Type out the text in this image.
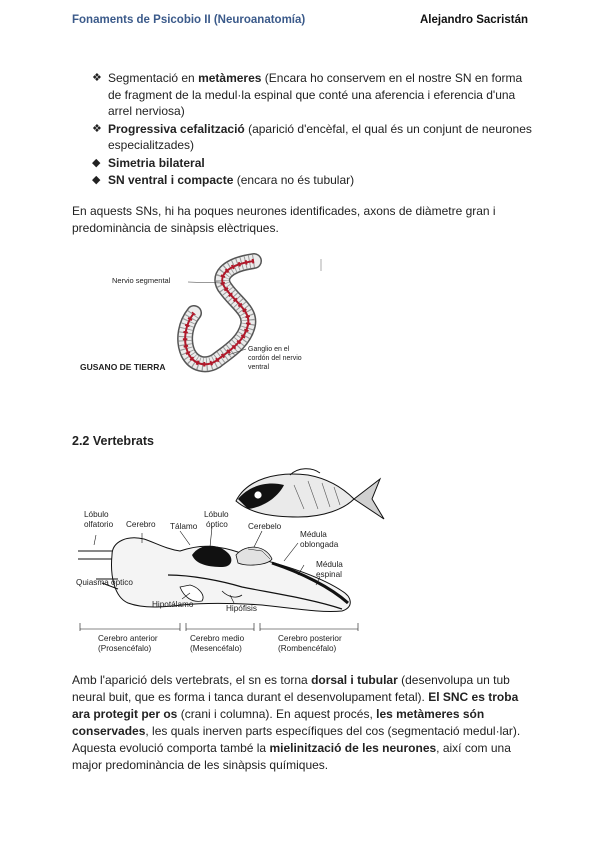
Fonaments de Psicobio II (Neuroanatomía)	Alejandro Sacristán
❖ Segmentació en metàmeres (Encara ho conservem en el nostre SN en forma de fragment de la medul·la espinal que conté una aferencia i eferencia d'una arrel nerviosa)
❖ Progressiva cefalització (aparició d'encèfal, el qual és un conjunt de neurones especialitzades)
◆ Simetria bilateral
◆ SN ventral i compacte (encara no és tubular)
En aquests SNs, hi ha poques neurones identificades, axons de diàmetre gran i predominància de sinàpsis elèctriques.
Nervio segmental
Ganglio en el
cordón del nervio
ventral
GUSANO DE TIERRA
2.2 Vertebrats
Lóbulo
olfatorio Cerebro Tálamo
Lóbulo
óptico Cerebelo
Médula
oblongada
Médula
espinal
Quiasma óptico
Hipotálamo	Hipófisis
Cerebro anterior
(Prosencéfalo)
Cerebro medio
(Mesencéfalo)
Cerebro posterior
(Rombencéfalo)
Amb l'aparició dels vertebrats, el sn es torna dorsal i tubular (desenvolupa un tub neural buit, que es forma i tanca durant el desenvolupament fetal). El SNC es troba ara protegit per os (crani i columna). En aquest procés, les metàmeres són conservades, les quals inerven parts específiques del cos (segmentació medul·lar). Aquesta evolució comporta també la mielinització de les neurones, així com una major predominància de les sinàpsis químiques.
